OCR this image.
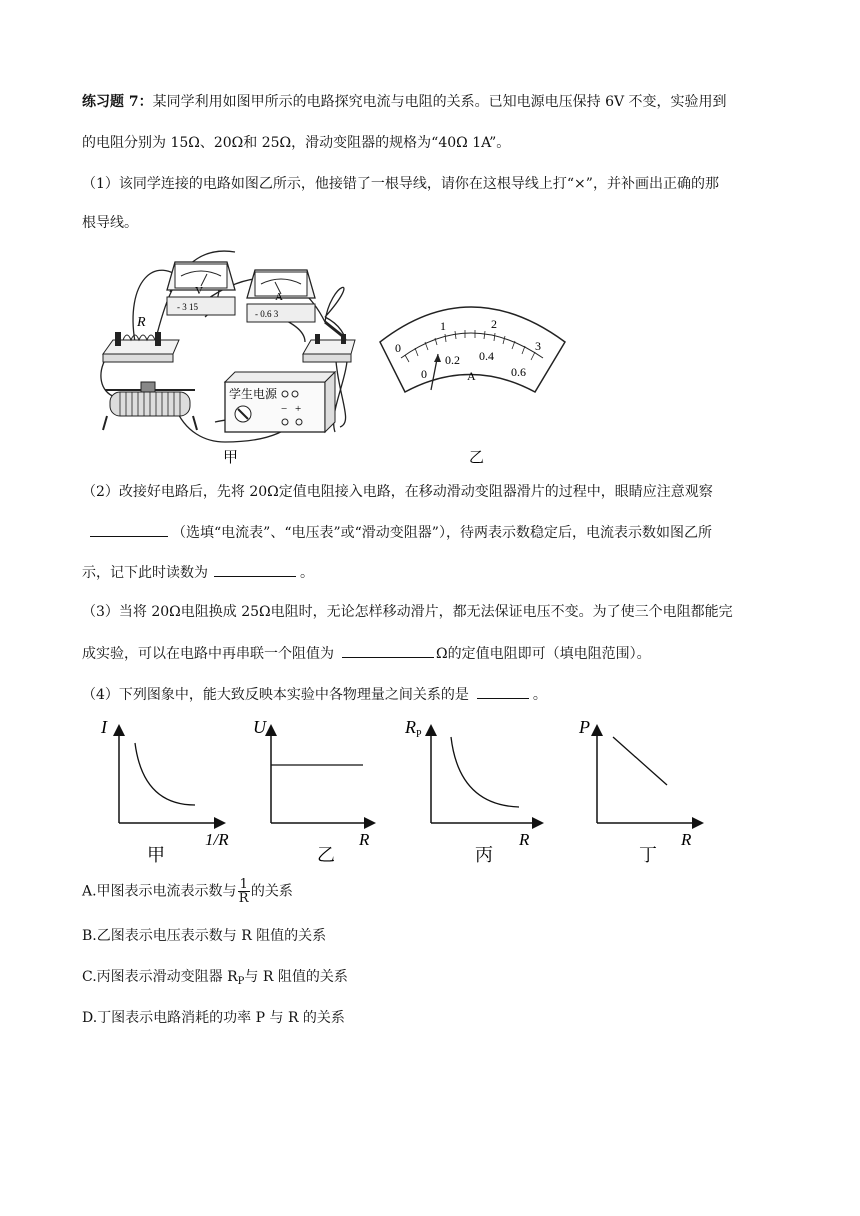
练习题 7：某同学利用如图甲所示的电路探究电流与电阻的关系。已知电源电压保持 6V 不变，实验用到
的电阻分别为 15Ω、20Ω和 25Ω，滑动变阻器的规格为“40Ω 1A”。
（1）该同学连接的电路如图乙所示，他接错了一根导线，请你在这根导线上打“×”，并补画出正确的那
根导线。
V
- 3 15
A
- 0.6 3
R
学生电源
− +
甲
0
1	2
3
0
0.2 0.4
0.6
A
乙
（2）改接好电路后，先将 20Ω定值电阻接入电路，在移动滑动变阻器滑片的过程中，眼睛应注意观察
（选填“电流表”、“电压表”或“滑动变阻器”），待两表示数稳定后，电流表示数如图乙所
示，记下此时读数为	。
（3）当将 20Ω电阻换成 25Ω电阻时，无论怎样移动滑片，都无法保证电压不变。为了使三个电阻都能完
成实验，可以在电路中再串联一个阻值为	Ω的定值电阻即可（填电阻范围）。
（4）下列图象中，能大致反映本实验中各物理量之间关系的是	。
I
1/R
甲
U
R
乙
$R_P$
R
丙
P
R
丁
A.甲图表示电流表示数与 $\frac{1}{R}$ 的关系
B.乙图表示电压表示数与 R 阻值的关系
C.丙图表示滑动变阻器 $R_P$与 R 阻值的关系
D.丁图表示电路消耗的功率 P 与 R 的关系
